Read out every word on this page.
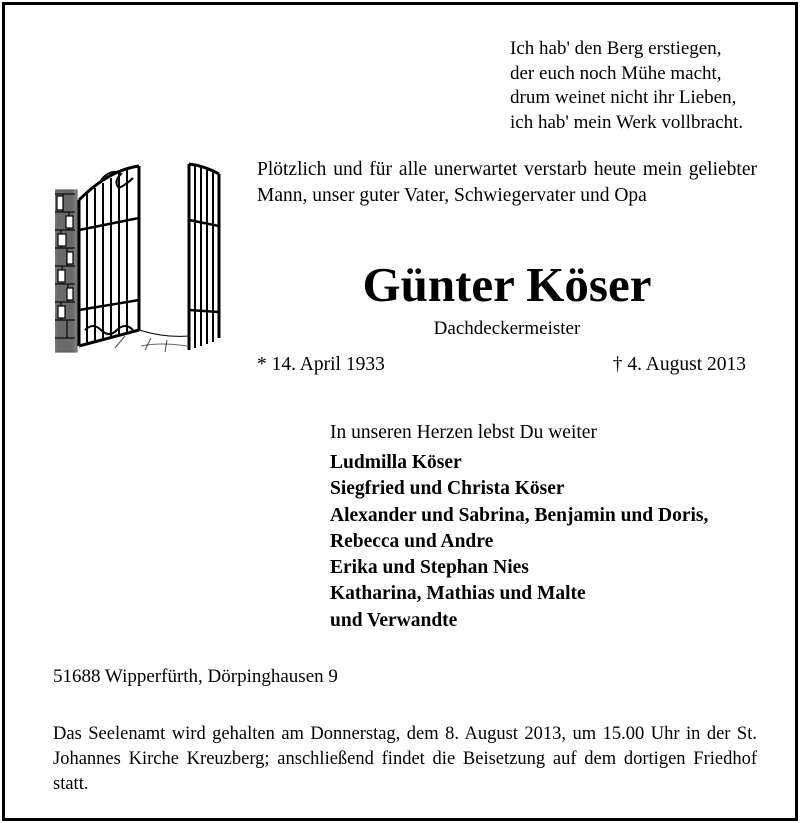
Ich hab' den Berg erstiegen,
der euch noch Mühe macht,
drum weinet nicht ihr Lieben,
ich hab' mein Werk vollbracht.
Plötzlich und für alle unerwartet verstarb heute mein geliebter Mann, unser guter Vater, Schwiegervater und Opa
Günter Köser
Dachdeckermeister
* 14. April 1933	† 4. August 2013
In unseren Herzen lebst Du weiter
Ludmilla Köser
Siegfried und Christa Köser
Alexander und Sabrina, Benjamin und Doris,
Rebecca und Andre
Erika und Stephan Nies
Katharina, Mathias und Malte
und Verwandte
51688 Wipperfürth, Dörpinghausen 9
Das Seelenamt wird gehalten am Donnerstag, dem 8. August 2013, um 15.00 Uhr in der St. Johannes Kirche Kreuzberg; anschließend findet die Beisetzung auf dem dortigen Friedhof statt.
